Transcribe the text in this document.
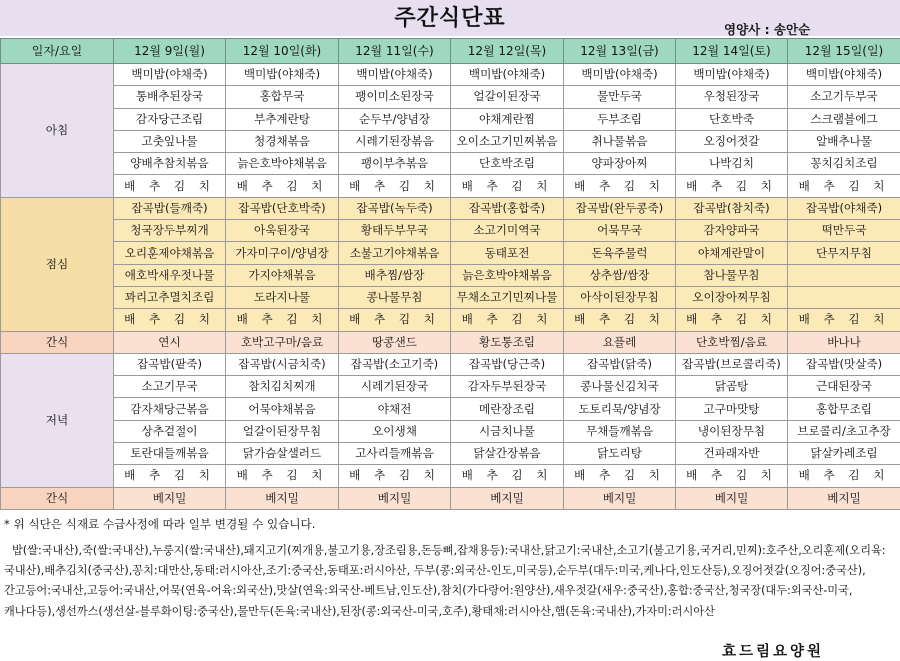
주간식단표	영양사 : 송안순
일자/요일	12월 9일(월)	12월 10일(화)	12월 11일(수)	12월 12일(목)	12월 13일(금)	12월 14일(토)	12월 15일(일)
아침	백미밥(야채죽)	백미밥(야채죽)	백미밥(야채죽)	백미밥(야채죽)	백미밥(야채죽)	백미밥(야채죽)	백미밥(야채죽)
	통배추된장국	홍합무국	팽이미소된장국	얼갈이된장국	물만두국	우청된장국	소고기두부국
	감자당근조림	부추계란탕	순두부/양념장	야채계란찜	두부조림	단호박죽	스크램블에그
	고춧잎나물	청경채볶음	시레기된장볶음	오이소고기민찌볶음	취나물볶음	오징어젓갈	알배추나물
	양배추참치볶음	늙은호박야채볶음	팽이부추볶음	단호박조림	양파장아찌	나박김치	꽁치김치조림
	배 추 김 치	배 추 김 치	배 추 김 치	배 추 김 치	배 추 김 치	배 추 김 치	배 추 김 치
점심	잡곡밥(들깨죽)	잡곡밥(단호박죽)	잡곡밥(녹두죽)	잡곡밥(홍합죽)	잡곡밥(완두콩죽)	잡곡밥(참치죽)	잡곡밥(야채죽)
	청국장두부찌개	아욱된장국	황태두부무국	소고기미역국	어묵무국	감자양파국	떡만두국
	오리훈제야채볶음	가자미구이/양념장	소불고기야채볶음	동태포전	돈육주물럭	야채계란말이	단무지무침
	애호박새우젓나물	가지야채볶음	배추찜/쌈장	늙은호박야채볶음	상추쌈/쌈장	참나물무침	
	꽈리고추멸치조림	도라지나물	콩나물무침	무채소고기민찌나물	아삭이된장무침	오이장아찌무침	
	배 추 김 치	배 추 김 치	배 추 김 치	배 추 김 치	배 추 김 치	배 추 김 치	배 추 김 치
간식	연시	호박고구마/음료	땅콩샌드	황도통조림	요플레	단호박찜/음료	바나나
저녁	잡곡밥(팥죽)	잡곡밥(시금치죽)	잡곡밥(소고기죽)	잡곡밥(당근죽)	잡곡밥(닭죽)	잡곡밥(브로콜리죽)	잡곡밥(맛살죽)
	소고기무국	참치김치찌개	시레기된장국	감자두부된장국	콩나물신김치국	닭곰탕	근대된장국
	감자채당근볶음	어묵야채볶음	야채전	메란장조림	도토리묵/양념장	고구마맛탕	홍합무조림
	상추겉절이	얼갈이된장무침	오이생채	시금치나물	무채들깨볶음	냉이된장무침	브로콜리/초고추장
	토란대들깨볶음	닭가슴살샐러드	고사리들깨볶음	닭살간장볶음	닭도리탕	건파래자반	닭살카레조림
	배 추 김 치	배 추 김 치	배 추 김 치	배 추 김 치	배 추 김 치	배 추 김 치	배 추 김 치
간식	베지밀	베지밀	베지밀	베지밀	베지밀	베지밀	베지밀
* 위 식단은 식재료 수급사정에 따라 일부 변경될 수 있습니다.
밥(쌀:국내산),죽(쌀:국내산),누룽지(쌀:국내산),돼지고기(찌개용,불고기용,장조림용,돈등뼈,잡채용등):국내산,닭고기:국내산,소고기(불고기용,국거리,민찌):호주산,오리훈제(오리육:국내산),배추김치(중국산),꽁치:대만산,동태:러시아산,조기:중국산,동태포:러시아산, 두부(콩:외국산-인도,미국등),순두부(대두:미국,케나다,인도산등),오징어젓갈(오징어:중국산),간고등어:국내산,고등어:국내산,어묵(연육-어육:외국산),맛살(연육:외국산-베트남,인도산),참치(가다랑어:원양산),새우젓갈(새우:중국산),홍합:중국산,청국장(대두:외국산-미국,캐나다등),생선까스(생선살-블루화이팅:중국산),물만두(돈육:국내산),된장(콩:외국산-미국,호주),황태채:러시아산,햄(돈육:국내산),가자미:러시아산
효드림요양원
